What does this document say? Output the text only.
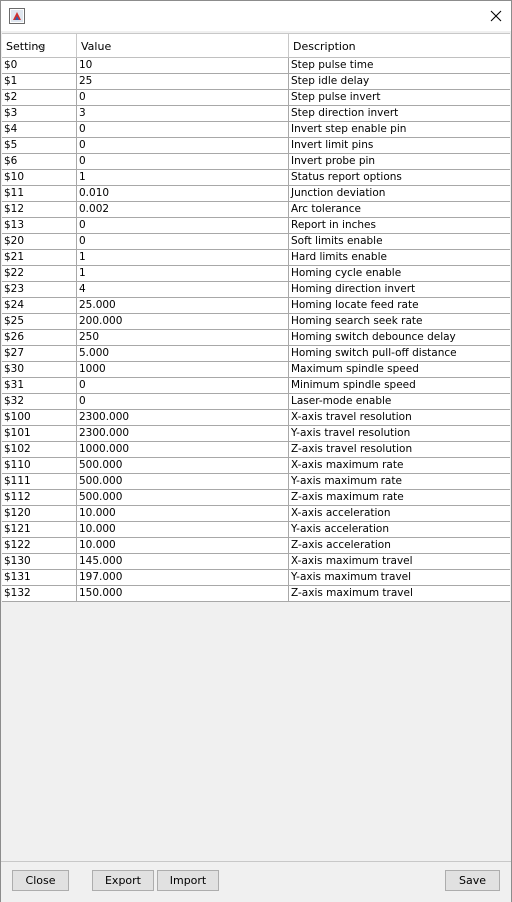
Setting	Value	Description
$0	10	Step pulse time
$1	25	Step idle delay
$2	0	Step pulse invert
$3	3	Step direction invert
$4	0	Invert step enable pin
$5	0	Invert limit pins
$6	0	Invert probe pin
$10	1	Status report options
$11	0.010	Junction deviation
$12	0.002	Arc tolerance
$13	0	Report in inches
$20	0	Soft limits enable
$21	1	Hard limits enable
$22	1	Homing cycle enable
$23	4	Homing direction invert
$24	25.000	Homing locate feed rate
$25	200.000	Homing search seek rate
$26	250	Homing switch debounce delay
$27	5.000	Homing switch pull-off distance
$30	1000	Maximum spindle speed
$31	0	Minimum spindle speed
$32	0	Laser-mode enable
$100	2300.000	X-axis travel resolution
$101	2300.000	Y-axis travel resolution
$102	1000.000	Z-axis travel resolution
$110	500.000	X-axis maximum rate
$111	500.000	Y-axis maximum rate
$112	500.000	Z-axis maximum rate
$120	10.000	X-axis acceleration
$121	10.000	Y-axis acceleration
$122	10.000	Z-axis acceleration
$130	145.000	X-axis maximum travel
$131	197.000	Y-axis maximum travel
$132	150.000	Z-axis maximum travel
Close	Export	Import	Save
